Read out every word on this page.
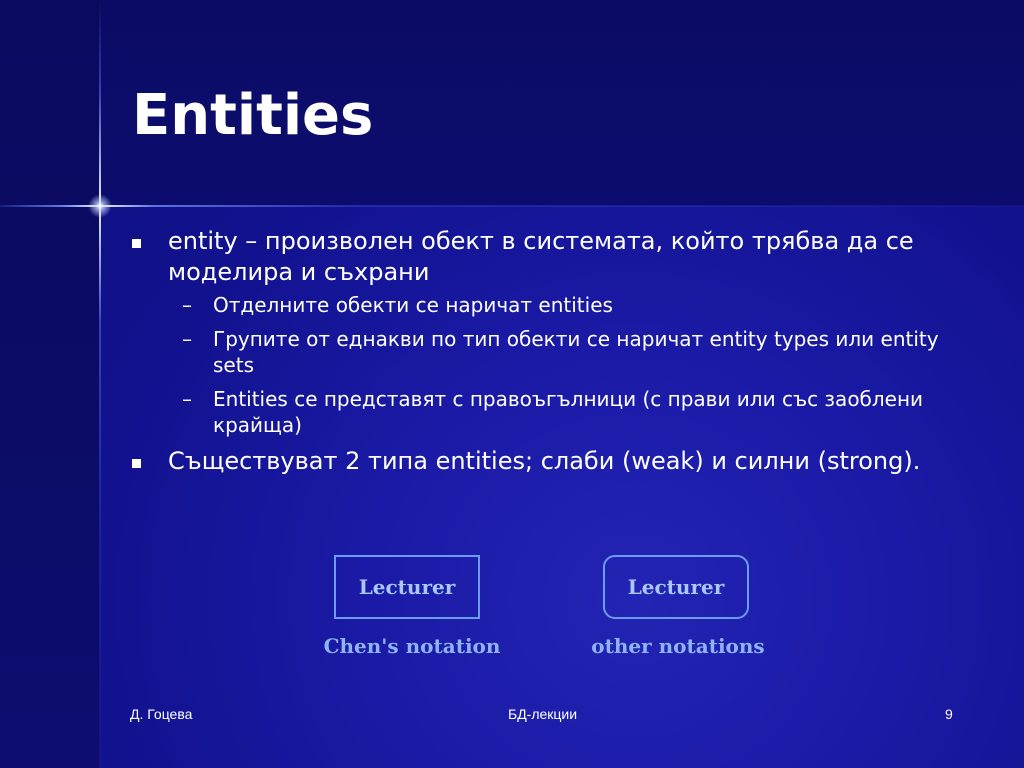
Entities
entity – произволен обект в системата, който трябва да се моделира и съхрани
– Отделните обекти се наричат entities
– Групите от еднакви по тип обекти се наричат entity types или entity sets
– Entities се представят с правоъгълници (с прави или със заоблени крайща)
Съществуват 2 типа entities; слаби (weak) и силни (strong).
Lecturer
Chen's notation
Lecturer
other notations
Д. Гоцева	БД-лекции	9
